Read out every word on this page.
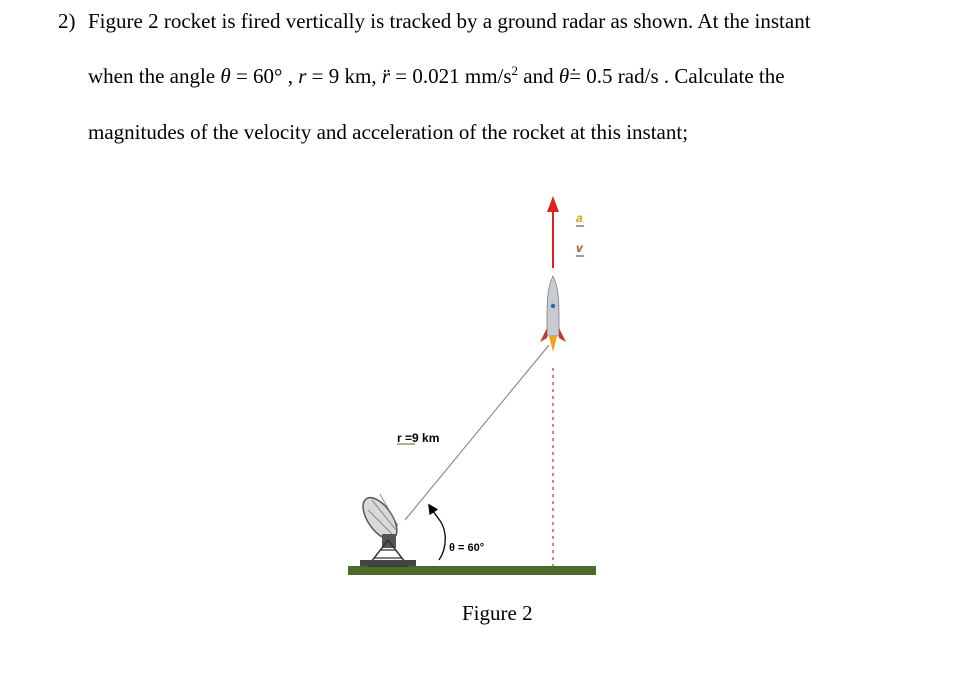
2) Figure 2 rocket is fired vertically is tracked by a ground radar as shown. At the instant
when the angle θ = 60° , r = 9 km, r̈ = 0.021 $mm/s^2$ and θ̇= 0.5 rad/s . Calculate the
magnitudes of the velocity and acceleration of the rocket at this instant;
r =9 km
θ = 60°
a
v
Figure 2
